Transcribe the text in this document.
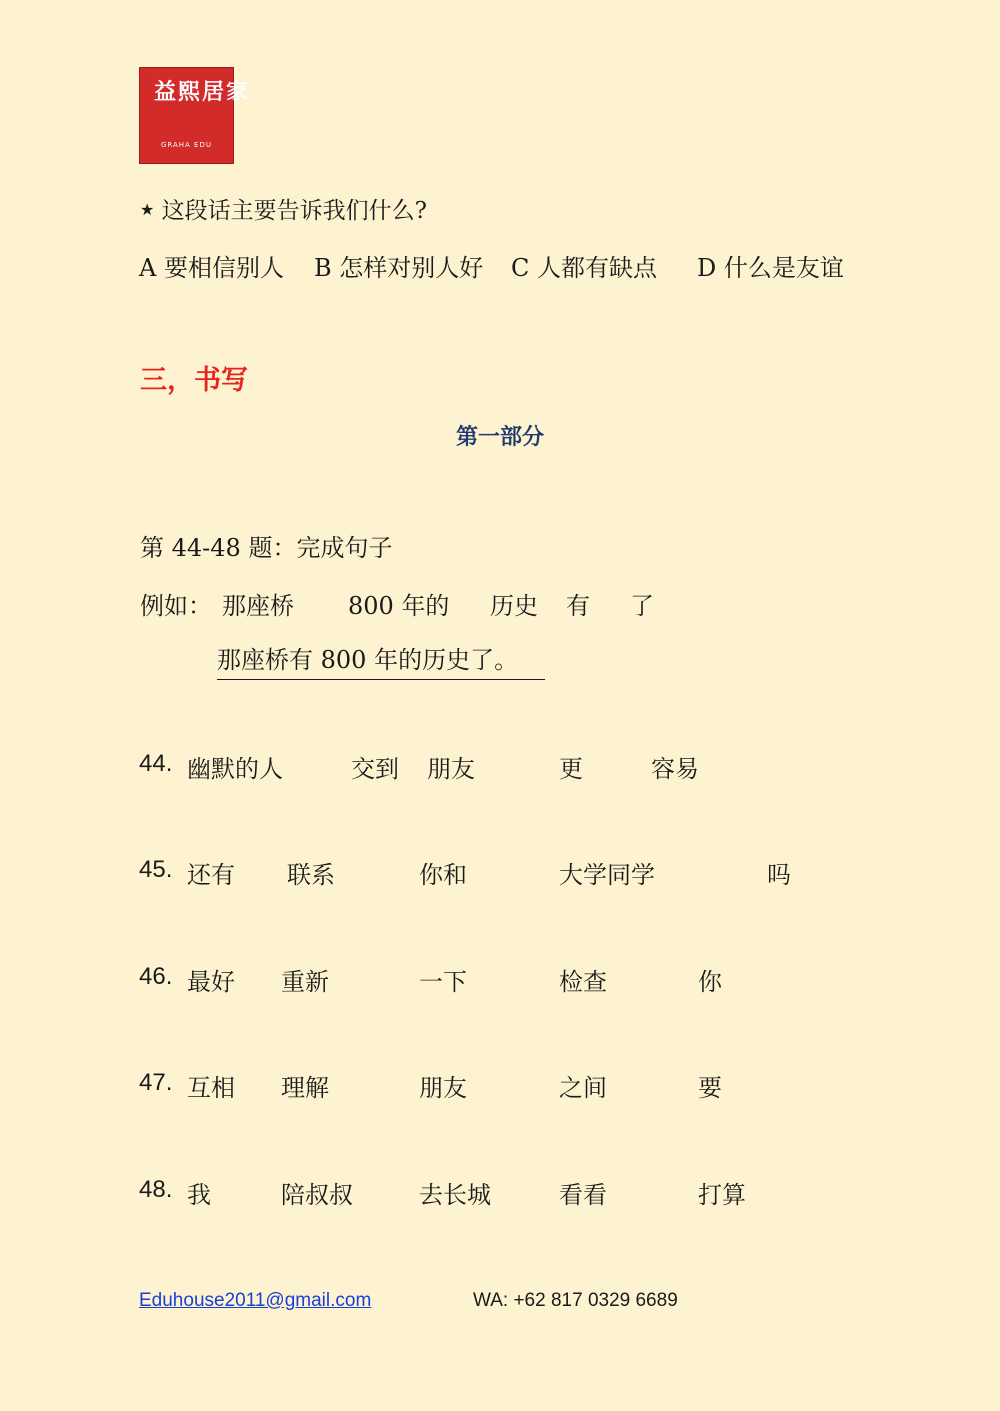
益熙居家
GRAHA EDU
★ 这段话主要告诉我们什么?
A 要相信别人 B 怎样对别人好 C 人都有缺点 D 什么是友谊
三，书写
第一部分
第 44-48 题：完成句子
例如： 那座桥 800 年的 历史 有 了
那座桥有 800 年的历史了。
44. 幽默的人	交到 朋友	更	容易
45. 还有 联系	你和	大学同学	吗
46. 最好 重新	一下	检查	你
47. 互相 理解	朋友	之间	要
48. 我	陪叔叔	去长城	看看	打算
Eduhouse2011@gmail.com	WA: +62 817 0329 6689
